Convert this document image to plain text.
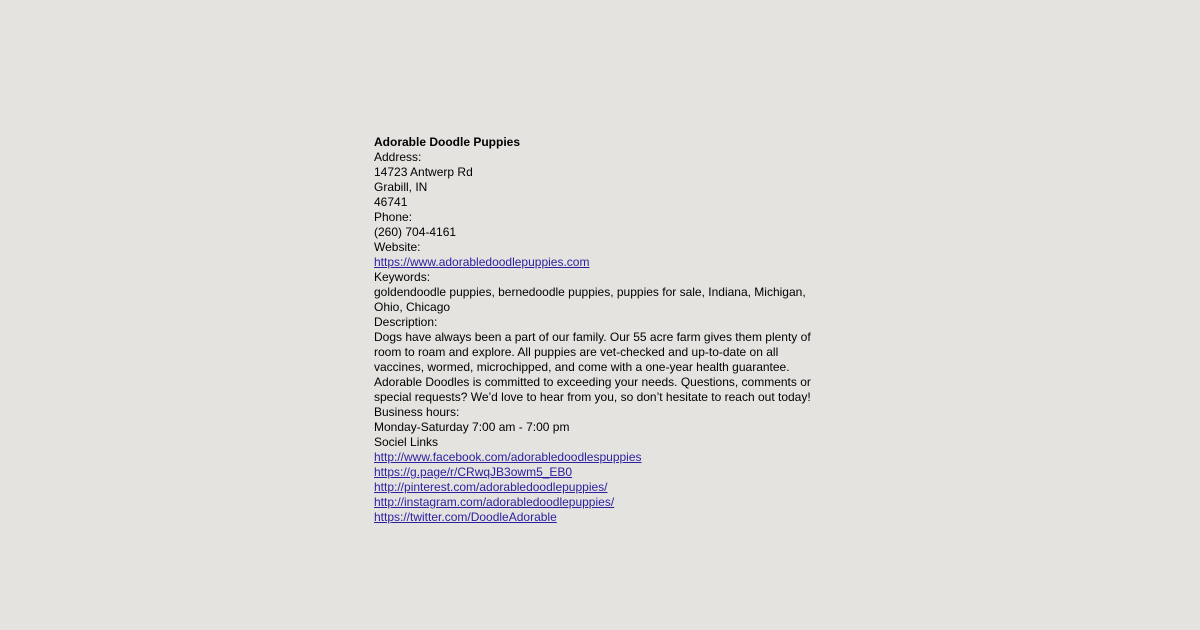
Adorable Doodle Puppies
Address:
14723 Antwerp Rd
Grabill, IN
46741
Phone:
(260) 704-4161
Website:
https://www.adorabledoodlepuppies.com
Keywords:
goldendoodle puppies, bernedoodle puppies, puppies for sale, Indiana, Michigan, Ohio, Chicago
Description:
Dogs have always been a part of our family. Our 55 acre farm gives them plenty of room to roam and explore. All puppies are vet-checked and up-to-date on all vaccines, wormed, microchipped, and come with a one-year health guarantee. Adorable Doodles is committed to exceeding your needs. Questions, comments or special requests? We’d love to hear from you, so don’t hesitate to reach out today!
Business hours:
Monday-Saturday 7:00 am - 7:00 pm
Sociel Links
http://www.facebook.com/adorabledoodlespuppies
https://g.page/r/CRwqJB3owm5_EB0
http://pinterest.com/adorabledoodlepuppies/
http://instagram.com/adorabledoodlepuppies/
https://twitter.com/DoodleAdorable
